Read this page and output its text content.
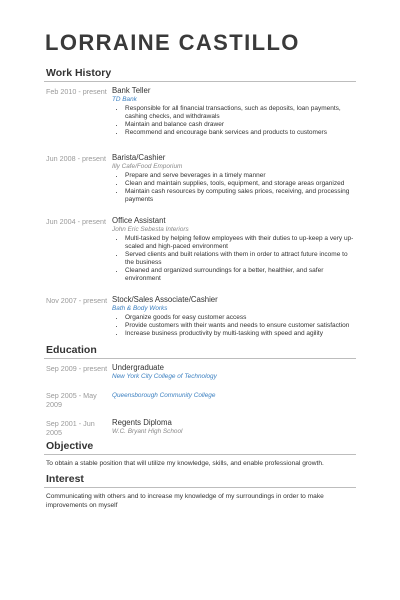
LORRAINE CASTILLO
Work History
Feb 2010 - present Bank Teller
TD Bank
• Responsible for all financial transactions, such as deposits, loan payments, cashing checks, and withdrawals
• Maintain and balance cash drawer
• Recommend and encourage bank services and products to customers
Jun 2008 - present Barista/Cashier
Illy Cafe/Food Emporium
• Prepare and serve beverages in a timely manner
• Clean and maintain supplies, tools, equipment, and storage areas organized
• Maintain cash resources by computing sales prices, receiving, and processing payments
Jun 2004 - present Office Assistant
John Eric Sebesta Interiors
• Multi-tasked by helping fellow employees with their duties to up-keep a very up-scaled and high-paced environment
• Served clients and built relations with them in order to attract future income to the business
• Cleaned and organized surroundings for a better, healthier, and safer environment
Nov 2007 - present Stock/Sales Associate/Cashier
Bath & Body Works
• Organize goods for easy customer access
• Provide customers with their wants and needs to ensure customer satisfaction
• Increase business productivity by multi-tasking with speed and agility
Education
Sep 2009 - present Undergraduate
New York City College of Technology
Sep 2005 - May 2009
Queensborough Community College
Sep 2001 - Jun 2005
Regents Diploma
W.C. Bryant High School
Objective
To obtain a stable position that will utilize my knowledge, skills, and enable professional growth.
Interest
Communicating with others and to increase my knowledge of my surroundings in order to make improvements on myself
